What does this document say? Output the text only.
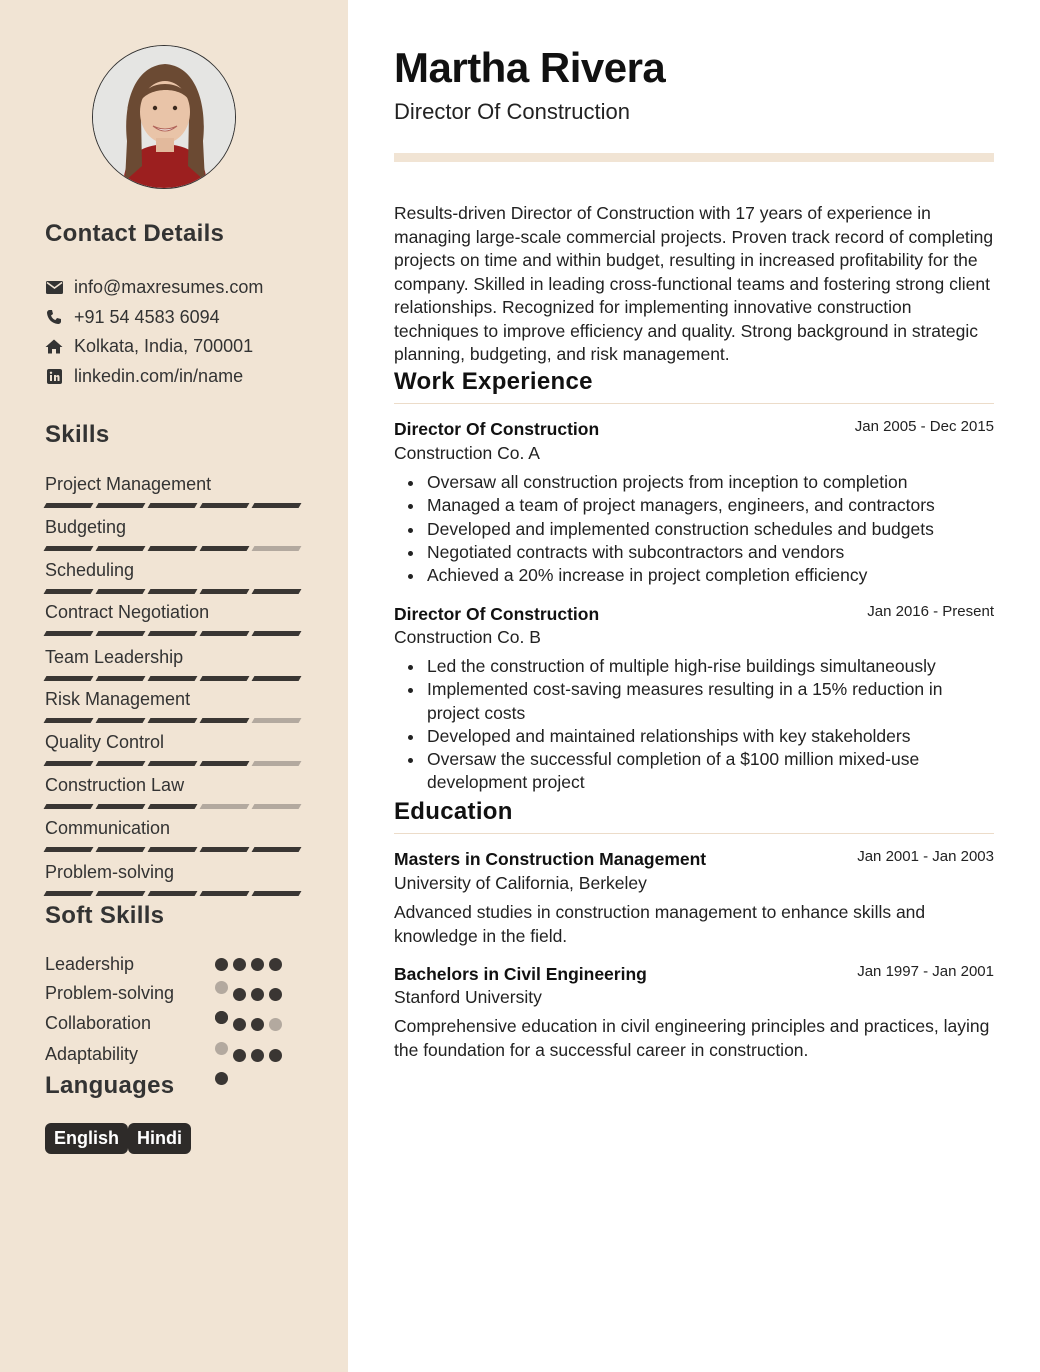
Contact Details
info@maxresumes.com
+91 54 4583 6094
Kolkata, India, 700001
linkedin.com/in/name
Skills
Project Management
Budgeting
Scheduling
Contract Negotiation
Team Leadership
Risk Management
Quality Control
Construction Law
Communication
Problem-solving
Soft Skills
Leadership
Problem-solving
Collaboration
Adaptability
Languages
English Hindi
Martha Rivera
Director Of Construction
Results-driven Director of Construction with 17 years of experience in managing large-scale commercial projects. Proven track record of completing projects on time and within budget, resulting in increased profitability for the company. Skilled in leading cross-functional teams and fostering strong client relationships. Recognized for implementing innovative construction techniques to improve efficiency and quality. Strong background in strategic planning, budgeting, and risk management.
Work Experience
Director Of Construction	Jan 2005 - Dec 2015
Construction Co. A
Oversaw all construction projects from inception to completion
Managed a team of project managers, engineers, and contractors
Developed and implemented construction schedules and budgets
Negotiated contracts with subcontractors and vendors
Achieved a 20% increase in project completion efficiency
Director Of Construction	Jan 2016 - Present
Construction Co. B
Led the construction of multiple high-rise buildings simultaneously
Implemented cost-saving measures resulting in a 15% reduction in project costs
Developed and maintained relationships with key stakeholders
Oversaw the successful completion of a $100 million mixed-use development project
Education
Masters in Construction Management	Jan 2001 - Jan 2003
University of California, Berkeley
Advanced studies in construction management to enhance skills and knowledge in the field.
Bachelors in Civil Engineering	Jan 1997 - Jan 2001
Stanford University
Comprehensive education in civil engineering principles and practices, laying the foundation for a successful career in construction.
